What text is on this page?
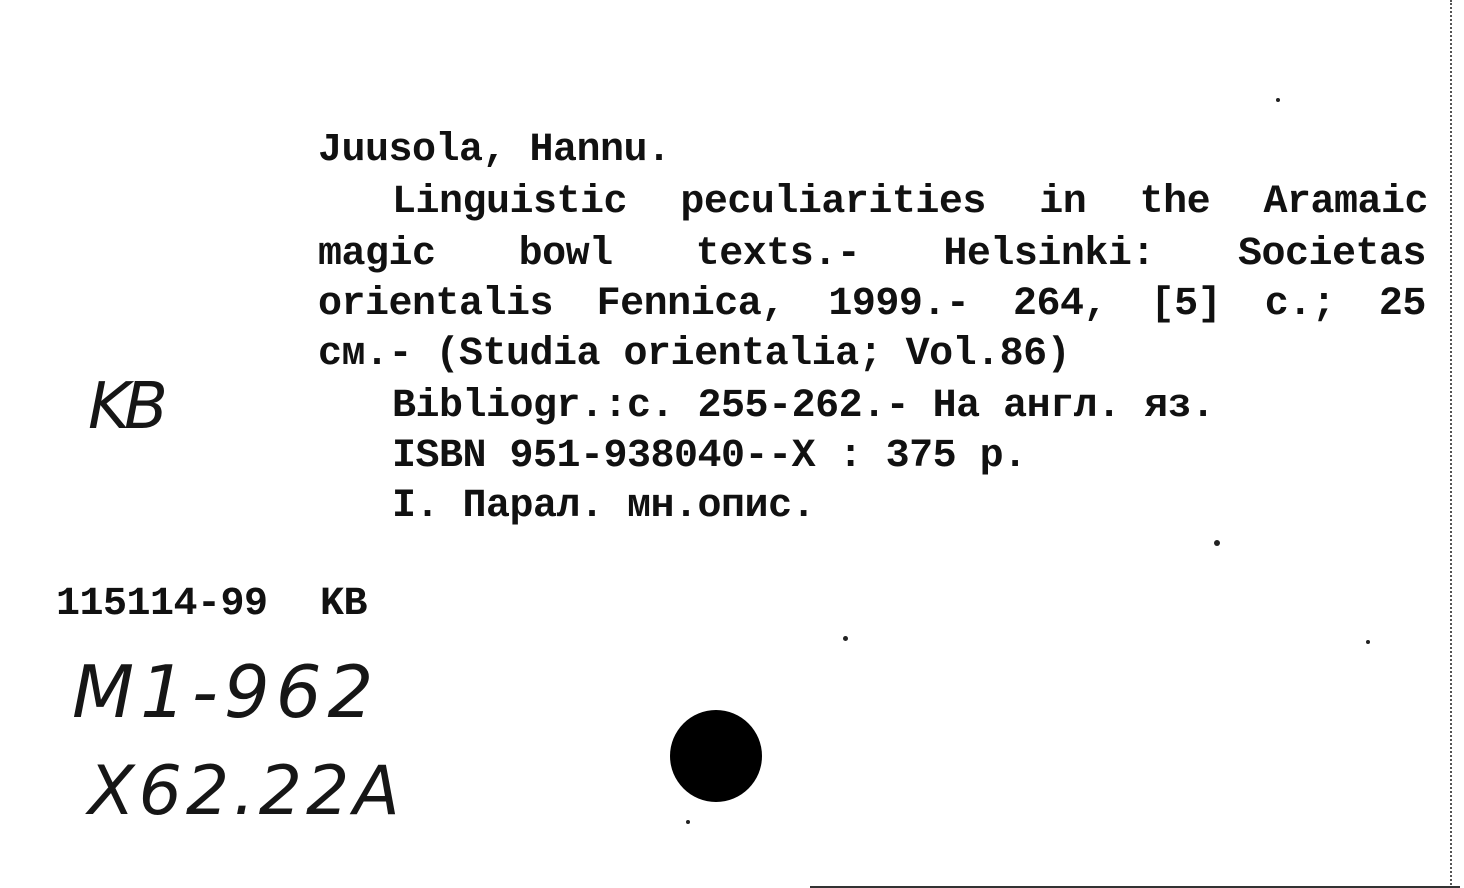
Juusola, Hannu.
Linguistic peculiarities in the Aramaic
magic bowl texts.- Helsinki: Societas
orientalis Fennica, 1999.- 264, [5] c.; 25
см.- (Studia orientalia; Vol.86)
Bibliogr.:c. 255-262.- На англ. яз.
ISBN 951-938040--X : 375 р.
I. Парал. мн.опис.
115114-99 KB
KB
M1-962
X62.22A
